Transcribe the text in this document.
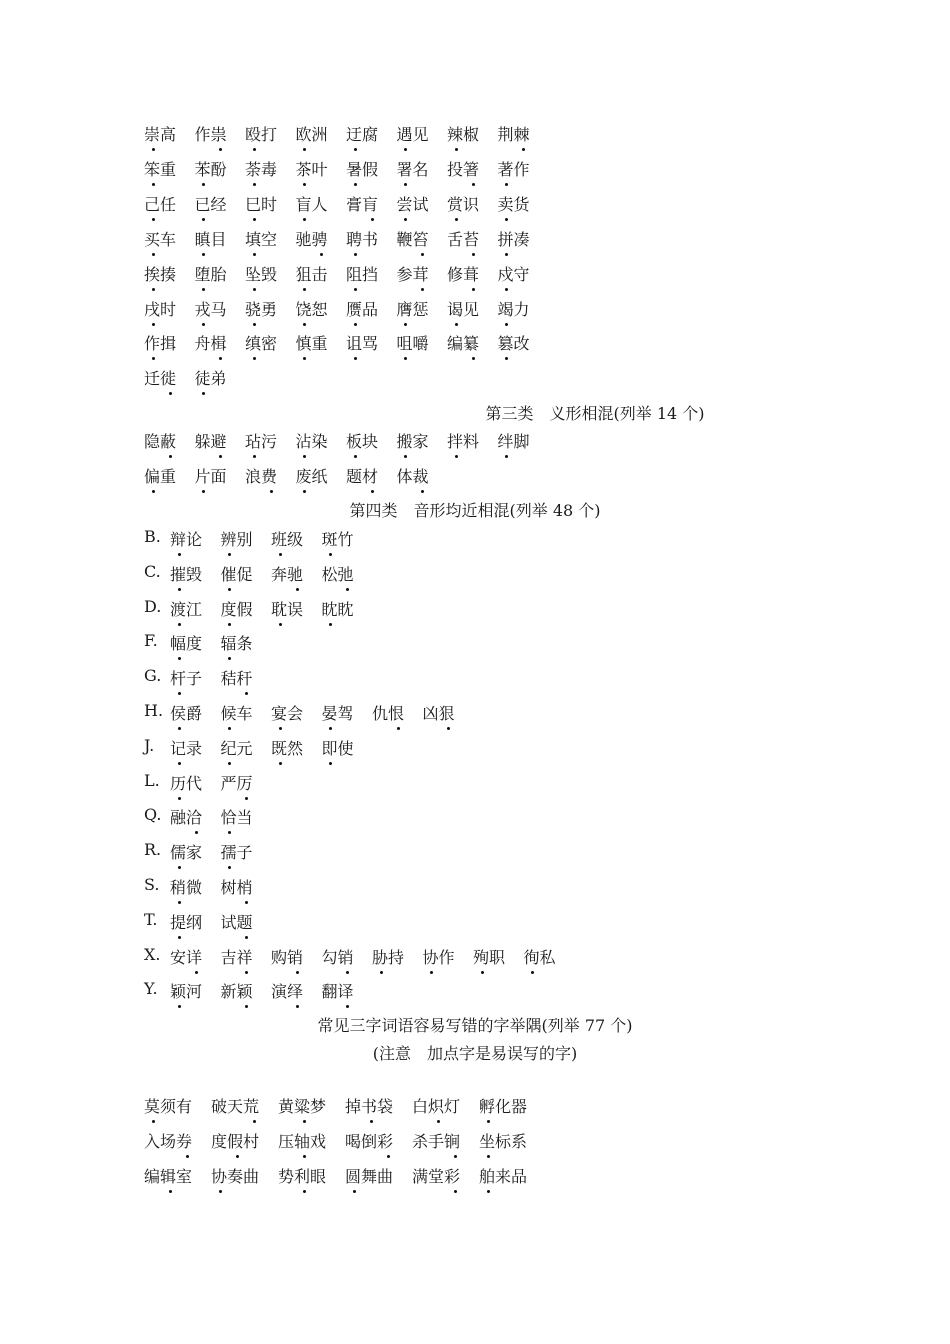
崇高 作祟 殴打 欧洲 迂腐 遇见 辣椒 荆棘
笨重 苯酚 荼毒 茶叶 暑假 署名 投箸 著作
己任 已经 巳时 盲人 膏肓 尝试 赏识 卖货
买车 瞋目 填空 驰骋 聘书 鞭笞 舌苔 拼凑
挨揍 堕胎 坠毁 狙击 阻挡 参茸 修葺 戍守
戌时 戎马 骁勇 饶恕 赝品 膺惩 谒见 竭力
作揖 舟楫 缜密 慎重 诅骂 咀嚼 编纂 篡改
迁徙 徒弟
第三类　义形相混(列举 14 个)
隐蔽 躲避 玷污 沾染 板块 搬家 拌料 绊脚
偏重 片面 浪费 废纸 题材 体裁
第四类　音形均近相混(列举 48 个)
B. 辩论 辨别 班级 斑竹
C. 摧毁 催促 奔驰 松弛
D. 渡江 度假 耽误 眈眈
F. 幅度 辐条
G. 杆子 秸秆
H. 侯爵 候车 宴会 晏驾 仇恨 凶狠
J. 记录 纪元 既然 即使
L. 历代 严厉
Q. 融洽 恰当
R. 儒家 孺子
S. 稍微 树梢
T. 提纲 试题
X. 安详 吉祥 购销 勾销 胁持 协作 殉职 徇私
Y. 颖河 新颖 演绎 翻译
常见三字词语容易写错的字举隅(列举 77 个)
(注意　加点字是易误写的字)
莫须有 破天荒 黄粱梦 掉书袋 白炽灯 孵化器
入场券 度假村 压轴戏 喝倒彩 杀手锏 坐标系
编辑室 协奏曲 势利眼 圆舞曲 满堂彩 舶来品
